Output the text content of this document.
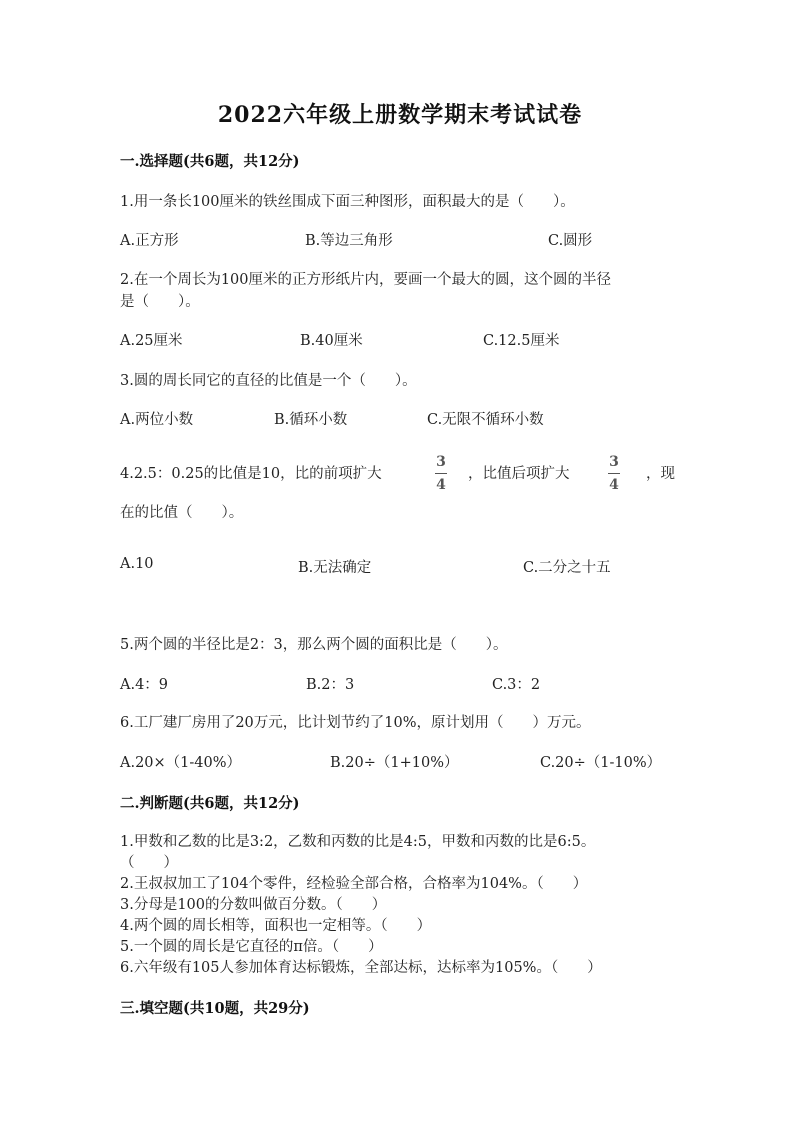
2022六年级上册数学期末考试试卷
一.选择题(共6题，共12分)
1.用一条长100厘米的铁丝围成下面三种图形，面积最大的是（　　）。
A.正方形	B.等边三角形	C.圆形
2.在一个周长为100厘米的正方形纸片内，要画一个最大的圆，这个圆的半径
是（　　）。
A.25厘米	B.40厘米	C.12.5厘米
3.圆的周长同它的直径的比值是一个（　　）。
A.两位小数	B.循环小数	C.无限不循环小数
4.2.5：0.25的比值是10，比的前项扩大
3
4
，比值后项扩大
3
4
，现
在的比值（　　）。
A.10	B.无法确定	C.二分之十五
5.两个圆的半径比是2：3，那么两个圆的面积比是（　　）。
A.4：9	B.2：3	C.3：2
6.工厂建厂房用了20万元，比计划节约了10%，原计划用（　　）万元。
A.20×（1-40%）	B.20÷（1+10%）	C.20÷（1-10%）
二.判断题(共6题，共12分)
1.甲数和乙数的比是3:2，乙数和丙数的比是4:5，甲数和丙数的比是6:5。
（　　）
2.王叔叔加工了104个零件，经检验全部合格，合格率为104%。（　　）
3.分母是100的分数叫做百分数。（　　）
4.两个圆的周长相等，面积也一定相等。（　　）
5.一个圆的周长是它直径的π倍。（　　）
6.六年级有105人参加体育达标锻炼，全部达标，达标率为105%。（　　）
三.填空题(共10题，共29分)
